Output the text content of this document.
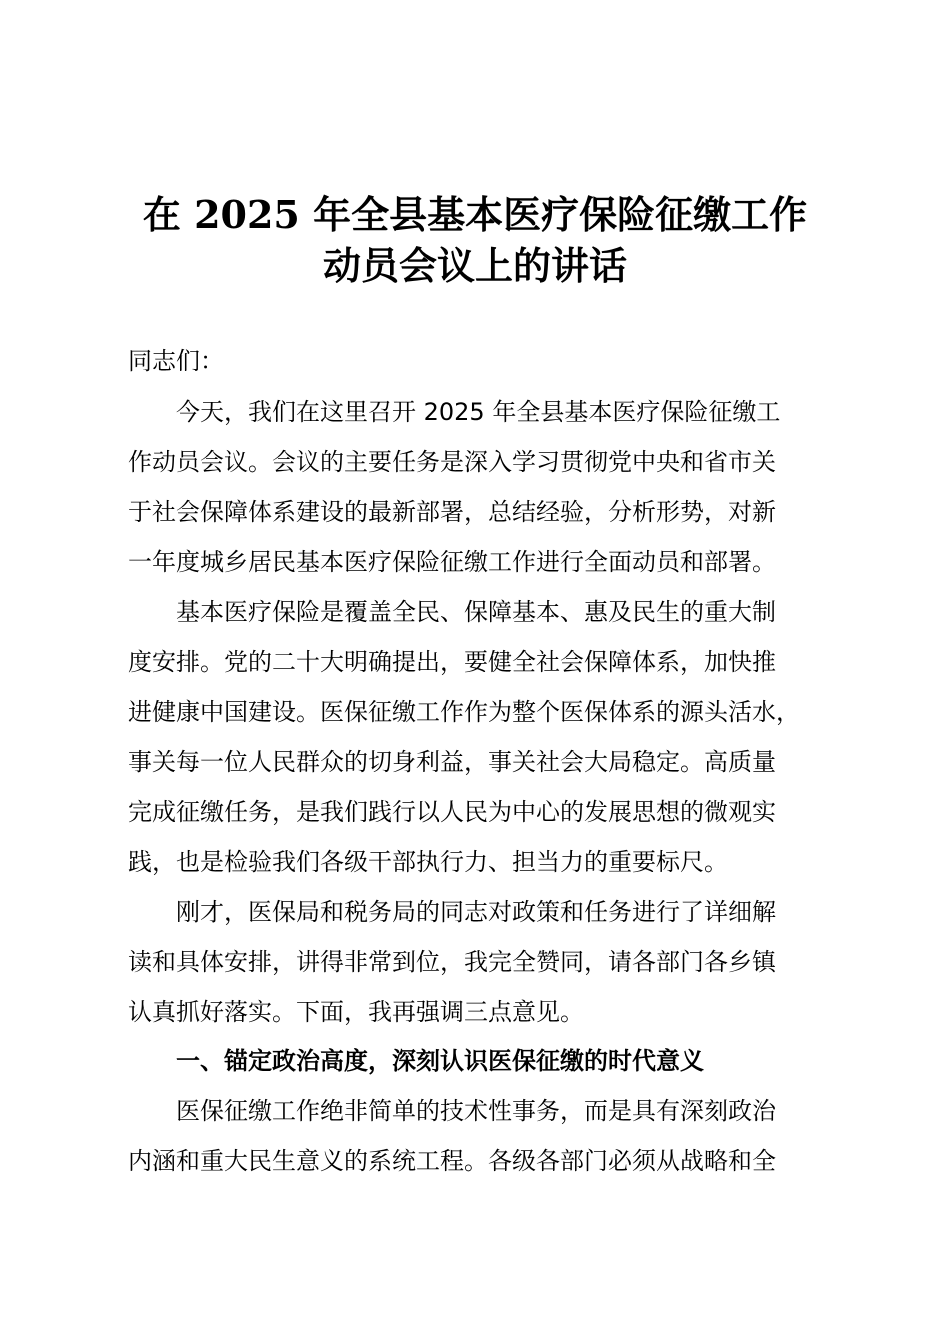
在 2025 年全县基本医疗保险征缴工作
动员会议上的讲话
同志们：
今天，我们在这里召开 2025 年全县基本医疗保险征缴工
作动员会议。会议的主要任务是深入学习贯彻党中央和省市关
于社会保障体系建设的最新部署，总结经验，分析形势，对新
一年度城乡居民基本医疗保险征缴工作进行全面动员和部署。
基本医疗保险是覆盖全民、保障基本、惠及民生的重大制
度安排。党的二十大明确提出，要健全社会保障体系，加快推
进健康中国建设。医保征缴工作作为整个医保体系的源头活水，
事关每一位人民群众的切身利益，事关社会大局稳定。高质量
完成征缴任务，是我们践行以人民为中心的发展思想的微观实
践，也是检验我们各级干部执行力、担当力的重要标尺。
刚才，医保局和税务局的同志对政策和任务进行了详细解
读和具体安排，讲得非常到位，我完全赞同，请各部门各乡镇
认真抓好落实。下面，我再强调三点意见。
一、锚定政治高度，深刻认识医保征缴的时代意义
医保征缴工作绝非简单的技术性事务，而是具有深刻政治
内涵和重大民生意义的系统工程。各级各部门必须从战略和全
